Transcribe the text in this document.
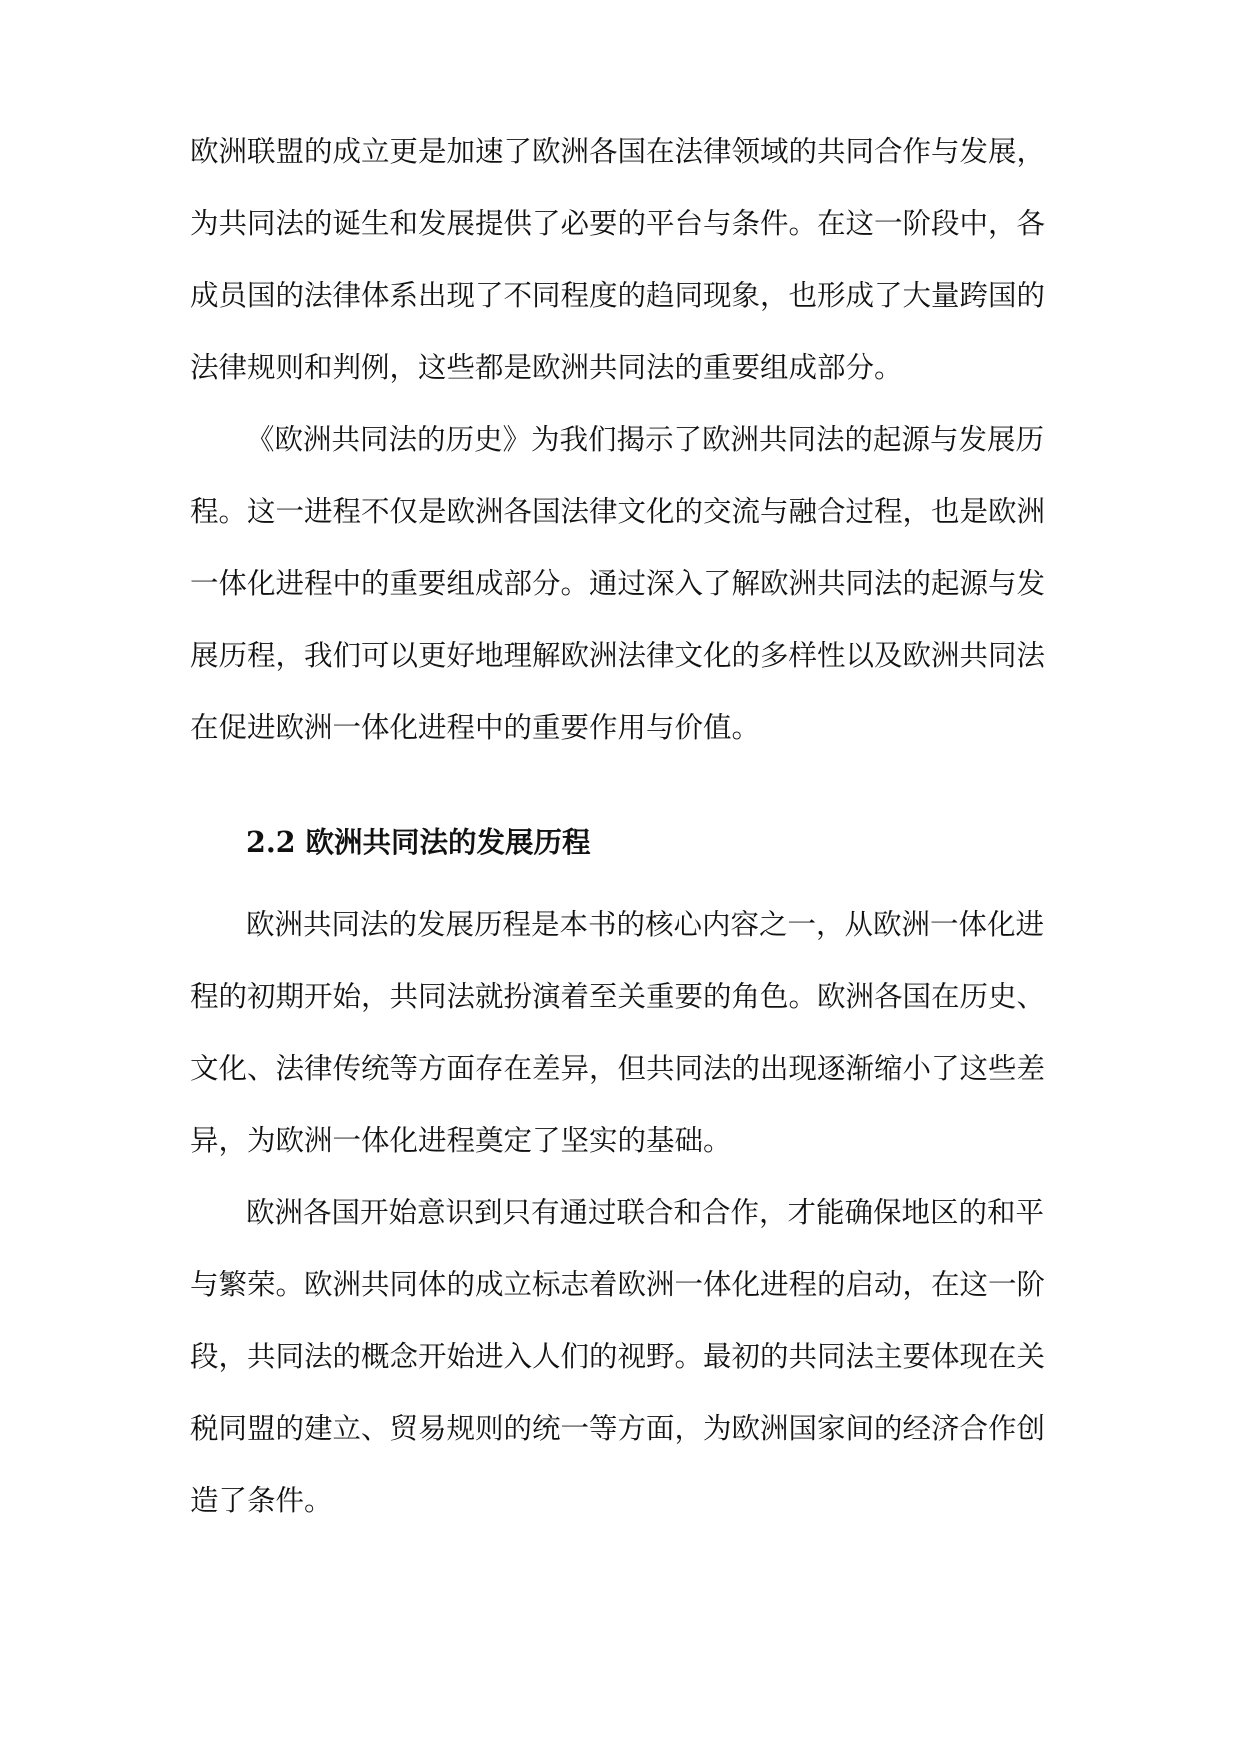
欧洲联盟的成立更是加速了欧洲各国在法律领域的共同合作与发展，
为共同法的诞生和发展提供了必要的平台与条件。在这一阶段中，各
成员国的法律体系出现了不同程度的趋同现象，也形成了大量跨国的
法律规则和判例，这些都是欧洲共同法的重要组成部分。
《欧洲共同法的历史》为我们揭示了欧洲共同法的起源与发展历
程。这一进程不仅是欧洲各国法律文化的交流与融合过程，也是欧洲
一体化进程中的重要组成部分。通过深入了解欧洲共同法的起源与发
展历程，我们可以更好地理解欧洲法律文化的多样性以及欧洲共同法
在促进欧洲一体化进程中的重要作用与价值。
2.2 欧洲共同法的发展历程
欧洲共同法的发展历程是本书的核心内容之一，从欧洲一体化进
程的初期开始，共同法就扮演着至关重要的角色。欧洲各国在历史、
文化、法律传统等方面存在差异，但共同法的出现逐渐缩小了这些差
异，为欧洲一体化进程奠定了坚实的基础。
欧洲各国开始意识到只有通过联合和合作，才能确保地区的和平
与繁荣。欧洲共同体的成立标志着欧洲一体化进程的启动，在这一阶
段，共同法的概念开始进入人们的视野。最初的共同法主要体现在关
税同盟的建立、贸易规则的统一等方面，为欧洲国家间的经济合作创
造了条件。
